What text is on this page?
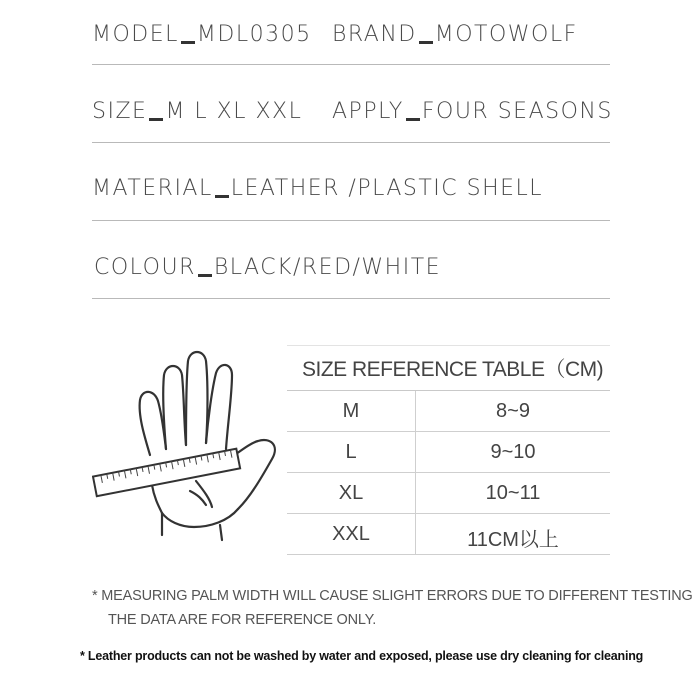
MODEL MDL0305 BRAND MOTOWOLF
SIZE M L XL XXL APPLY FOUR SEASONS
MATERIAL LEATHER /PLASTIC SHELL
COLOUR BLACK/RED/WHITE
SIZE REFERENCE TABLE（CM)
M	8~9
L	9~10
XL	10~11
XXL	11CM以上
* MEASURING PALM WIDTH WILL CAUSE SLIGHT ERRORS DUE TO DIFFERENT TESTING
THE DATA ARE FOR REFERENCE ONLY.
* Leather products can not be washed by water and exposed, please use dry cleaning for cleaning
